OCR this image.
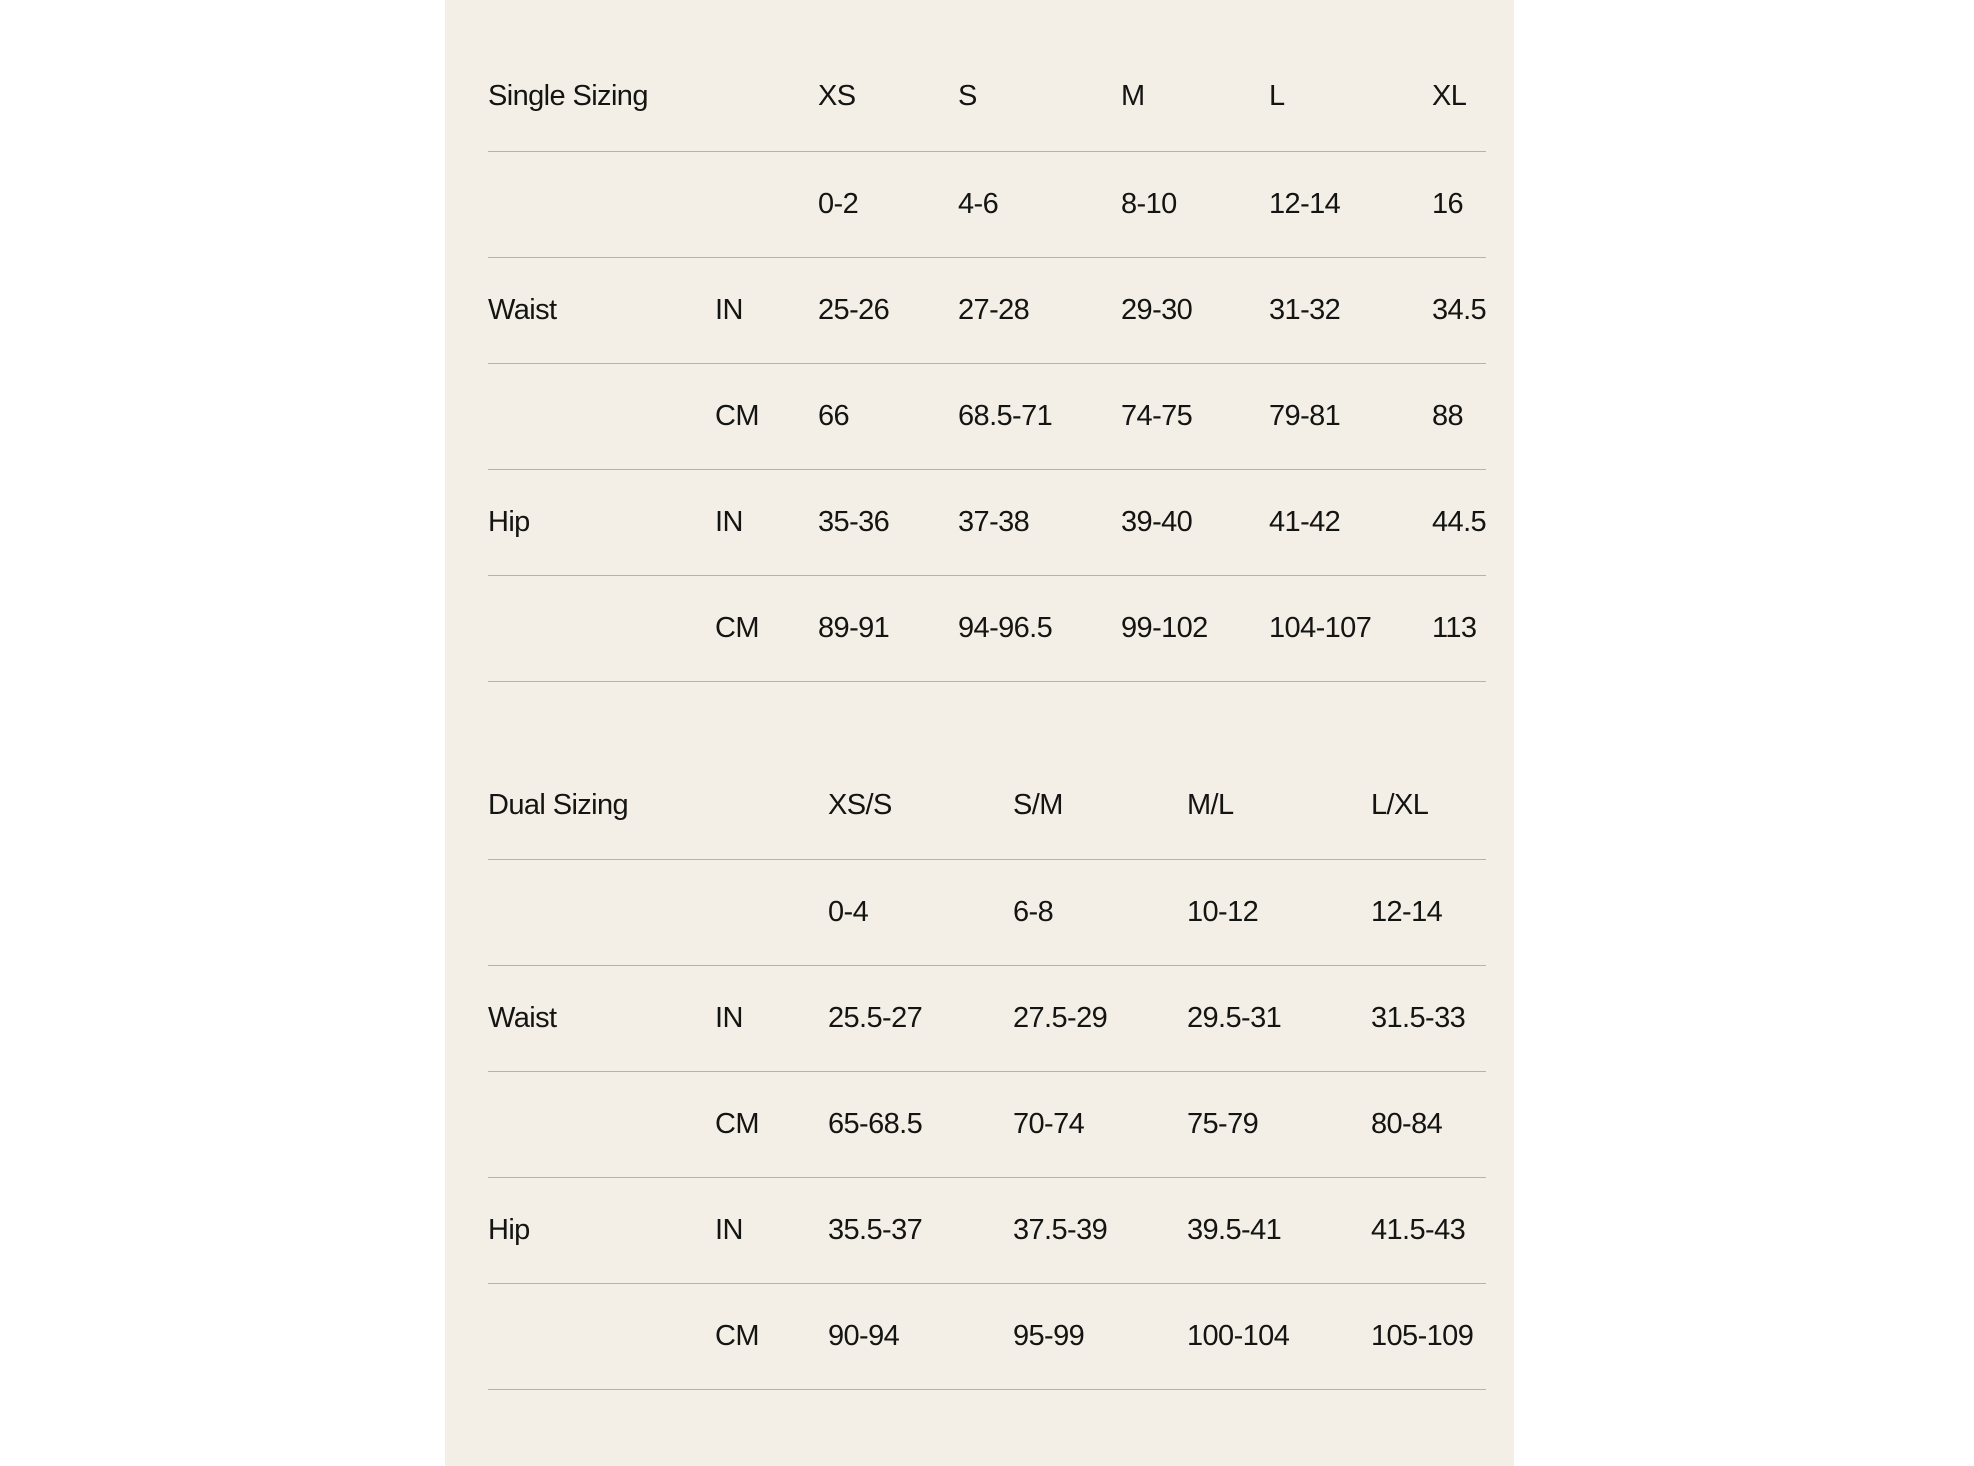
Single Sizing		XS	S	M	L	XL
		0-2	4-6	8-10	12-14	16
Waist	IN	25-26	27-28	29-30	31-32	34.5
	CM	66	68.5-71	74-75	79-81	88
Hip	IN	35-36	37-38	39-40	41-42	44.5
	CM	89-91	94-96.5	99-102	104-107	113
Dual Sizing		XS/S	S/M	M/L	L/XL
		0-4	6-8	10-12	12-14
Waist	IN	25.5-27	27.5-29	29.5-31	31.5-33
	CM	65-68.5	70-74	75-79	80-84
Hip	IN	35.5-37	37.5-39	39.5-41	41.5-43
	CM	90-94	95-99	100-104	105-109
